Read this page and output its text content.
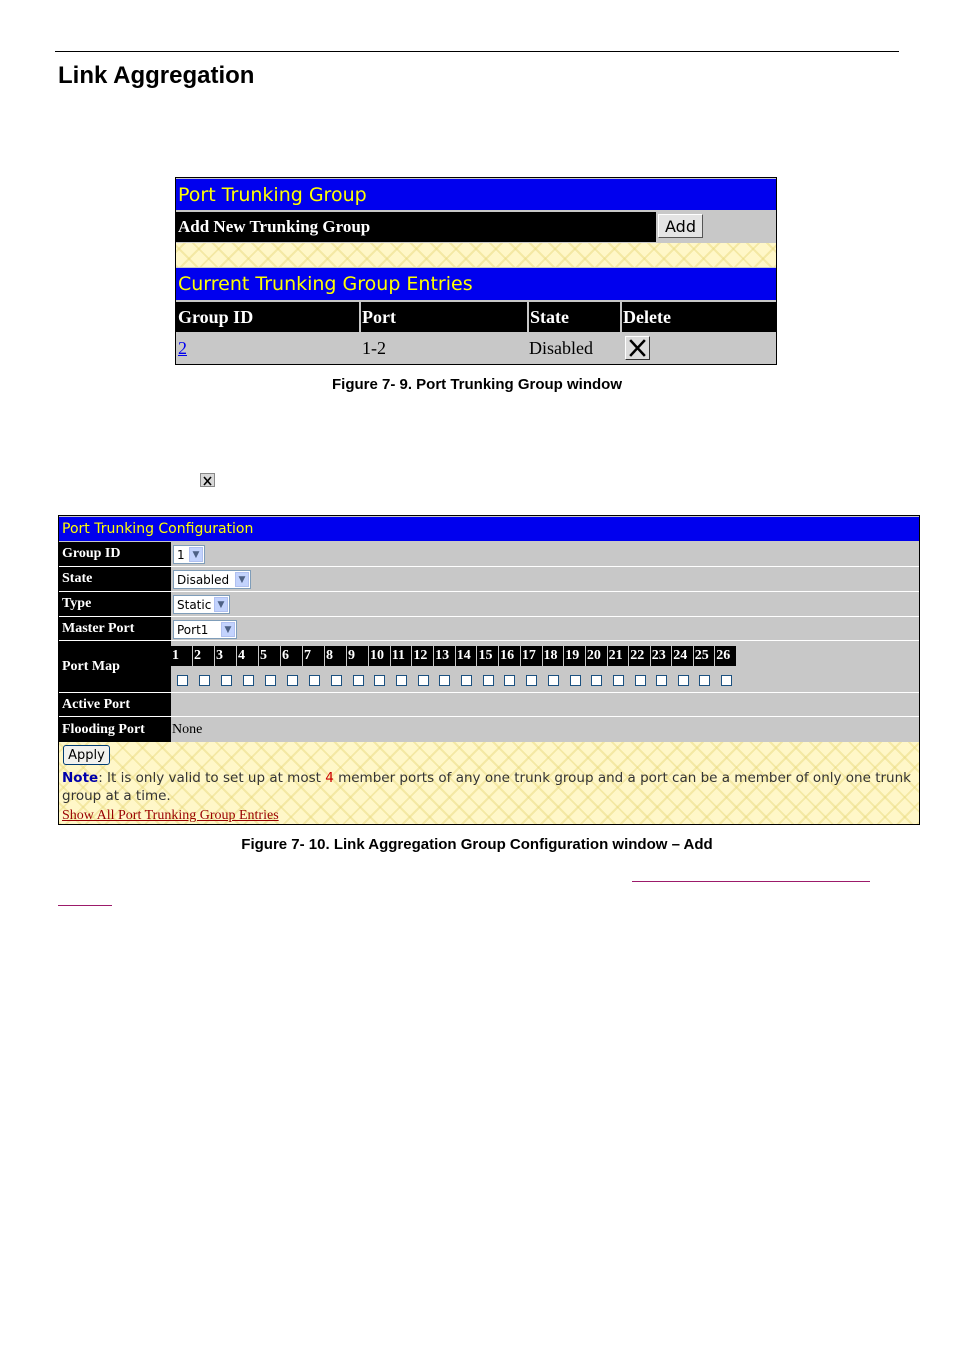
Link Aggregation
Port Trunking Group
Add New Trunking Group	Add
Current Trunking Group Entries
Group ID	Port	State	Delete
2	1-2	Disabled
Figure 7- 9. Port Trunking Group window
Port Trunking Configuration
Group ID	1 ▼
State	Disabled	▼
Type	Static ▼
Master Port	Port1	▼
Port Map
1	2	3	4	5	6	7	8	9	10 11 12 13 14 15 16 17 18 19 20 21 22 23 24 25 26
Active Port
Flooding Port	None
Apply
Note: It is only valid to set up at most 4 member ports of any one trunk group and a port can be a member of only one trunk group at a time.
Show All Port Trunking Group Entries
Figure 7- 10. Link Aggregation Group Configuration window – Add
